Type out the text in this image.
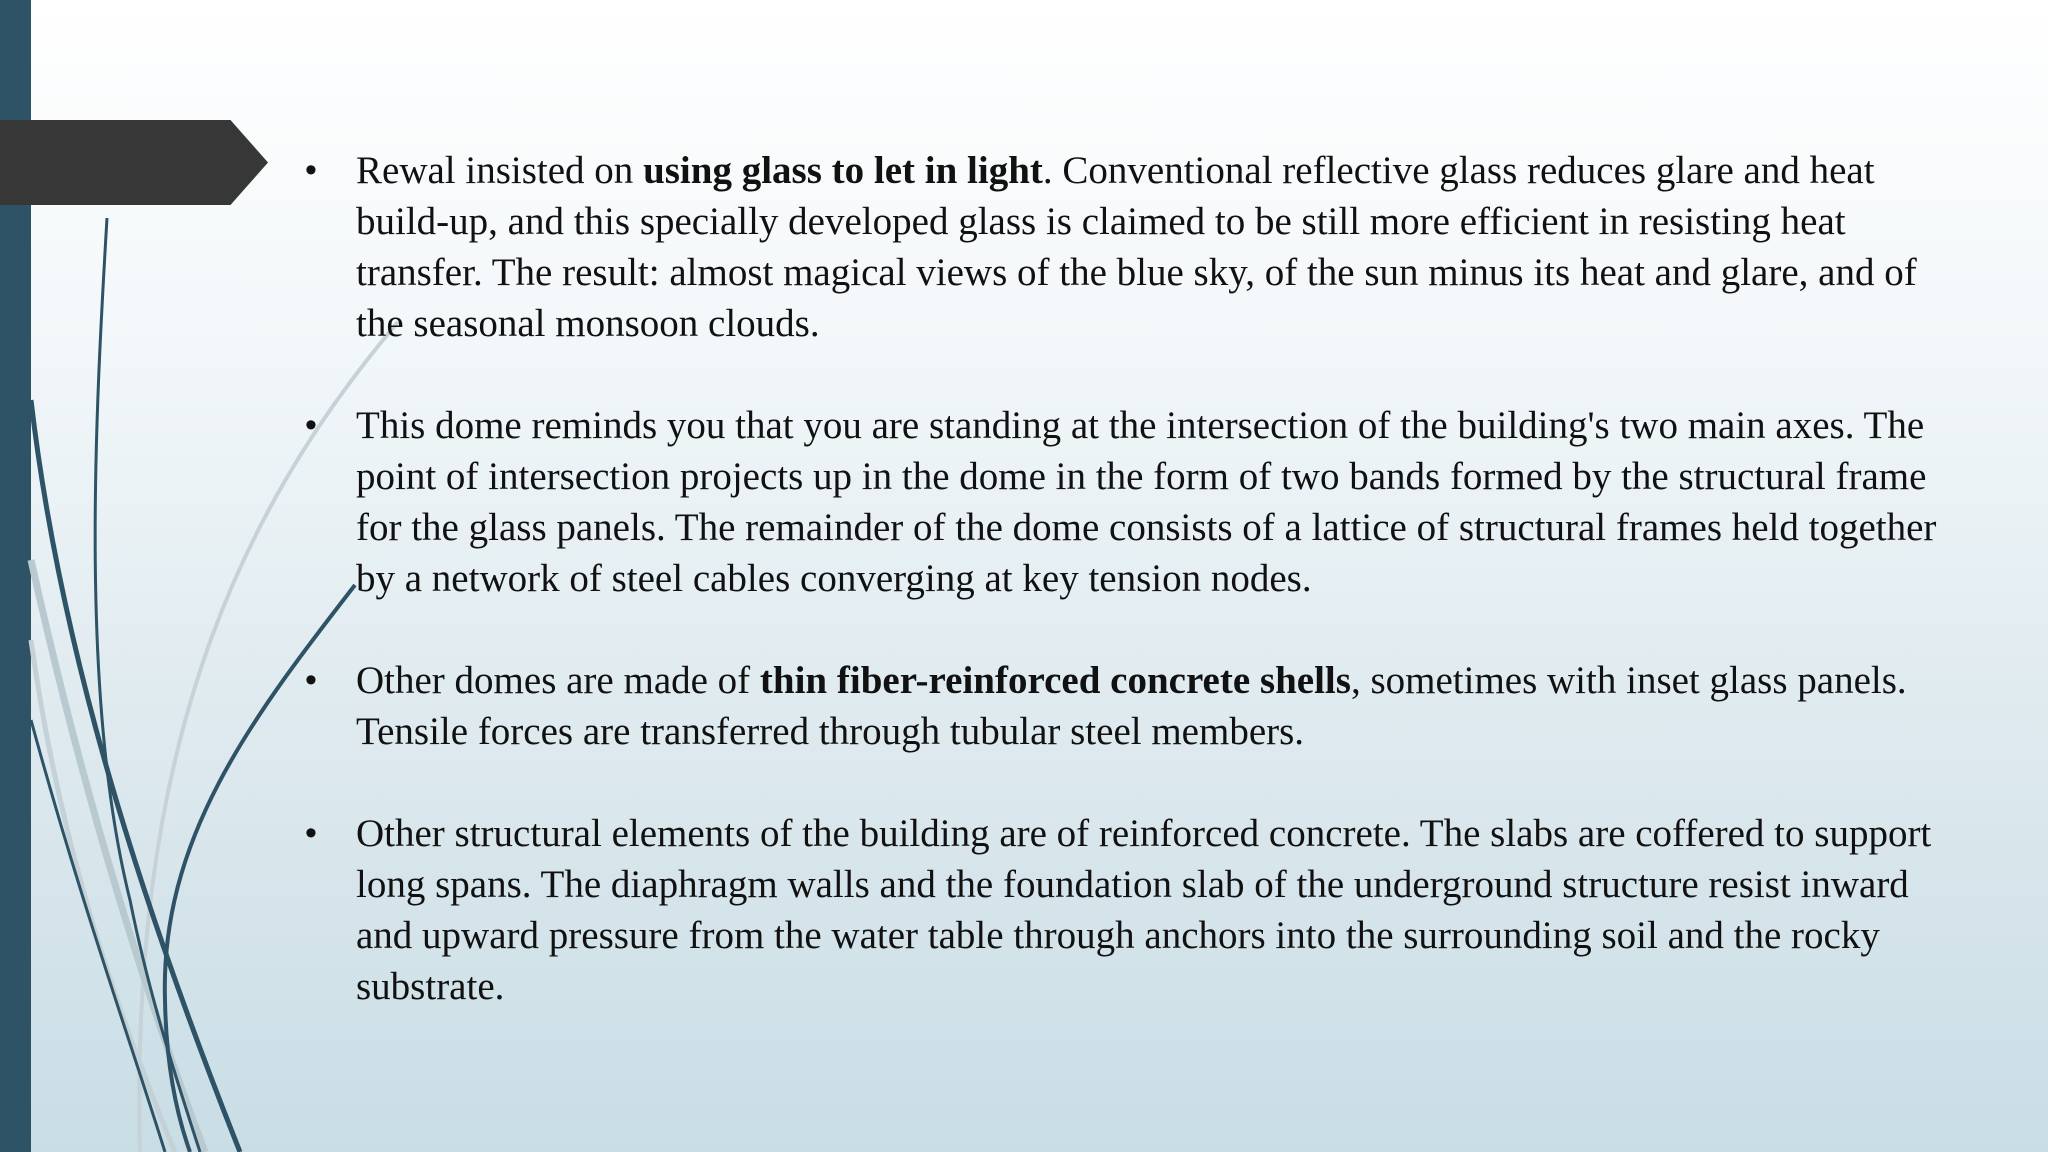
• Rewal insisted on using glass to let in light. Conventional reflective glass reduces glare and heat build-up, and this specially developed glass is claimed to be still more efficient in resisting heat transfer. The result: almost magical views of the blue sky, of the sun minus its heat and glare, and of the seasonal monsoon clouds.
• This dome reminds you that you are standing at the intersection of the building's two main axes. The point of intersection projects up in the dome in the form of two bands formed by the structural frame for the glass panels. The remainder of the dome consists of a lattice of structural frames held together by a network of steel cables converging at key tension nodes.
• Other domes are made of thin fiber-reinforced concrete shells, sometimes with inset glass panels. Tensile forces are transferred through tubular steel members.
• Other structural elements of the building are of reinforced concrete. The slabs are coffered to support long spans. The diaphragm walls and the foundation slab of the underground structure resist inward and upward pressure from the water table through anchors into the surrounding soil and the rocky substrate.
